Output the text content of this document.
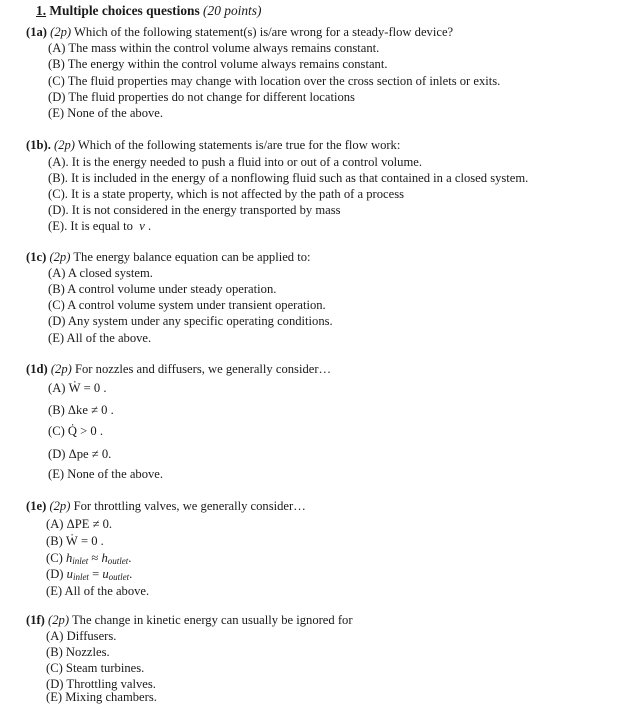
1. Multiple choices questions (20 points)
(1a) (2p) Which of the following statement(s) is/are wrong for a steady-flow device?
(A) The mass within the control volume always remains constant.
(B) The energy within the control volume always remains constant.
(C) The fluid properties may change with location over the cross section of inlets or exits.
(D) The fluid properties do not change for different locations
(E) None of the above.
(1b). (2p) Which of the following statements is/are true for the flow work:
(A). It is the energy needed to push a fluid into or out of a control volume.
(B). It is included in the energy of a nonflowing fluid such as that contained in a closed system.
(C). It is a state property, which is not affected by the path of a process
(D). It is not considered in the energy transported by mass
(E). It is equal to v .
(1c) (2p) The energy balance equation can be applied to:
(A) A closed system.
(B) A control volume under steady operation.
(C) A control volume system under transient operation.
(D) Any system under any specific operating conditions.
(E) All of the above.
(1d) (2p) For nozzles and diffusers, we generally consider…
(A) Ẇ = 0 .
(B) Δke ≠ 0 .
(C) Q̇ > 0 .
(D) Δpe ≠ 0.
(E) None of the above.
(1e) (2p) For throttling valves, we generally consider…
(A) ΔPE ≠ 0.
(B) Ẇ = 0 .
(C) hinlet ≈ houtlet.
(D) uinlet = uoutlet.
(E) All of the above.
(1f) (2p) The change in kinetic energy can usually be ignored for
(A) Diffusers.
(B) Nozzles.
(C) Steam turbines.
(D) Throttling valves.
(E) Mixing chambers.
